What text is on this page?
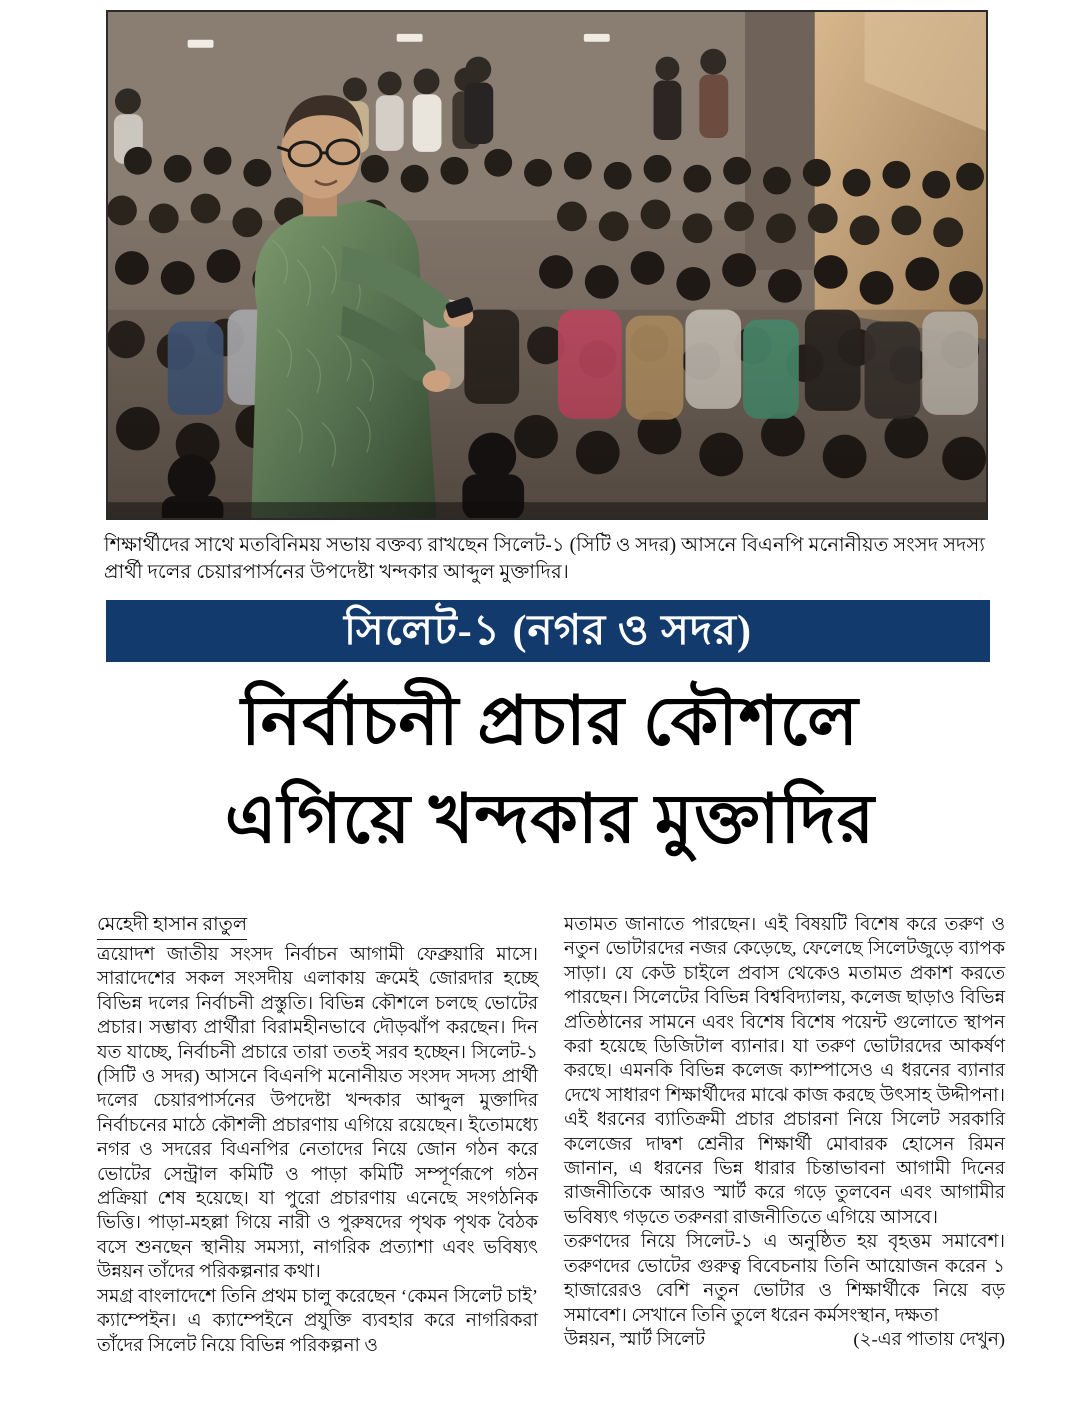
শিক্ষার্থীদের সাথে মতবিনিময় সভায় বক্তব্য রাখছেন সিলেট-১ (সিটি ও সদর) আসনে বিএনপি মনোনীয়ত সংসদ সদস্য প্রার্থী দলের চেয়ারপার্সনের উপদেষ্টা খন্দকার আব্দুল মুক্তাদির।
সিলেট-১ (নগর ও সদর)
নির্বাচনী প্রচার কৌশলে
এগিয়ে খন্দকার মুক্তাদির
মেহেদী হাসান রাতুল

ত্রয়োদশ জাতীয় সংসদ নির্বাচন আগামী ফেব্রুয়ারি মাসে। সারাদেশের সকল সংসদীয় এলাকায় ক্রমেই জোরদার হচ্ছে বিভিন্ন দলের নির্বাচনী প্রস্তুতি। বিভিন্ন কৌশলে চলছে ভোটের প্রচার। সম্ভাব্য প্রার্থীরা বিরামহীনভাবে দৌড়ঝাঁপ করছেন। দিন যত যাচ্ছে, নির্বাচনী প্রচারে তারা ততই সরব হচ্ছেন। সিলেট-১ (সিটি ও সদর) আসনে বিএনপি মনোনীয়ত সংসদ সদস্য প্রার্থী দলের চেয়ারপার্সনের উপদেষ্টা খন্দকার আব্দুল মুক্তাদির নির্বাচনের মাঠে কৌশলী প্রচারণায় এগিয়ে রয়েছেন। ইতোমধ্যে নগর ও সদরের বিএনপির নেতাদের নিয়ে জোন গঠন করে ভোটের সেন্ট্রাল কমিটি ও পাড়া কমিটি সম্পূর্ণরূপে গঠন প্রক্রিয়া শেষ হয়েছে। যা পুরো প্রচারণায় এনেছে সংগঠনিক ভিত্তি। পাড়া-মহল্লা গিয়ে নারী ও পুরুষদের পৃথক পৃথক বৈঠক বসে শুনছেন স্থানীয় সমস্যা, নাগরিক প্রত্যাশা এবং ভবিষ্যৎ উন্নয়ন তাঁদের পরিকল্পনার কথা।

সমগ্র বাংলাদেশে তিনি প্রথম চালু করেছেন ‘কেমন সিলেট চাই’ ক্যাম্পেইন। এ ক্যাম্পেইনে প্রযুক্তি ব্যবহার করে নাগরিকরা তাঁদের সিলেট নিয়ে বিভিন্ন পরিকল্পনা ও

মতামত জানাতে পারছেন। এই বিষয়টি বিশেষ করে তরুণ ও নতুন ভোটারদের নজর কেড়েছে, ফেলেছে সিলেটজুড়ে ব্যাপক সাড়া। যে কেউ চাইলে প্রবাস থেকেও মতামত প্রকাশ করতে পারছেন। সিলেটের বিভিন্ন বিশ্ববিদ্যালয়, কলেজ ছাড়াও বিভিন্ন প্রতিষ্ঠানের সামনে এবং বিশেষ বিশেষ পয়েন্ট গুলোতে স্থাপন করা হয়েছে ডিজিটাল ব্যানার। যা তরুণ ভোটারদের আকর্ষণ করছে। এমনকি বিভিন্ন কলেজ ক্যাম্পাসেও এ ধরনের ব্যানার দেখে সাধারণ শিক্ষার্থীদের মাঝে কাজ করছে উৎসাহ উদ্দীপনা। এই ধরনের ব্যাতিক্রমী প্রচার প্রচারনা নিয়ে সিলেট সরকারি কলেজের দাদ্বশ শ্রেনীর শিক্ষার্থী মোবারক হোসেন রিমন জানান, এ ধরনের ভিন্ন ধারার চিন্তাভাবনা আগামী দিনের রাজনীতিকে আরও স্মার্ট করে গড়ে তুলবেন এবং আগামীর ভবিষ্যৎ গড়তে তরুনরা রাজনীতিতে এগিয়ে আসবে।

তরুণদের নিয়ে সিলেট-১ এ অনুষ্ঠিত হয় বৃহত্তম সমাবেশ। তরুণদের ভোটের গুরুত্ব বিবেচনায় তিনি আয়োজন করেন ১ হাজারেরও বেশি নতুন ভোটার ও শিক্ষার্থীকে নিয়ে বড় সমাবেশ। সেখানে তিনি তুলে ধরেন কর্মসংস্থান, দক্ষতা

উন্নয়ন, স্মার্ট সিলেট	(২-এর পাতায় দেখুন)
